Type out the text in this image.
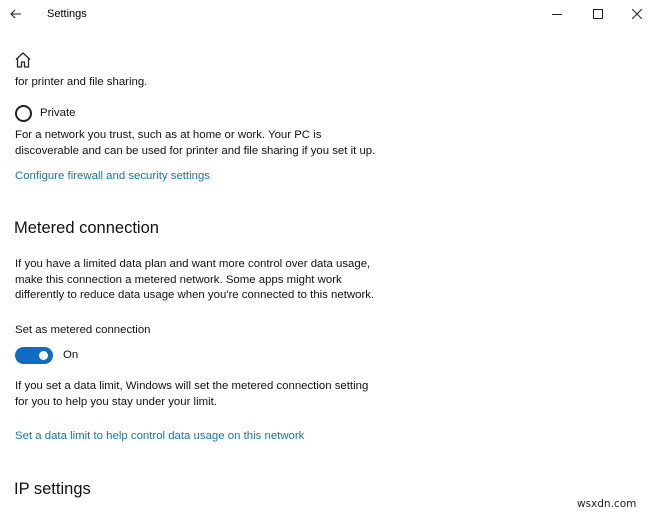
Settings
for printer and file sharing.
Private
For a network you trust, such as at home or work. Your PC is
discoverable and can be used for printer and file sharing if you set it up.
Configure firewall and security settings
Metered connection
If you have a limited data plan and want more control over data usage,
make this connection a metered network. Some apps might work
differently to reduce data usage when you're connected to this network.
Set as metered connection
On
If you set a data limit, Windows will set the metered connection setting
for you to help you stay under your limit.
Set a data limit to help control data usage on this network
IP settings
wsxdn.com
